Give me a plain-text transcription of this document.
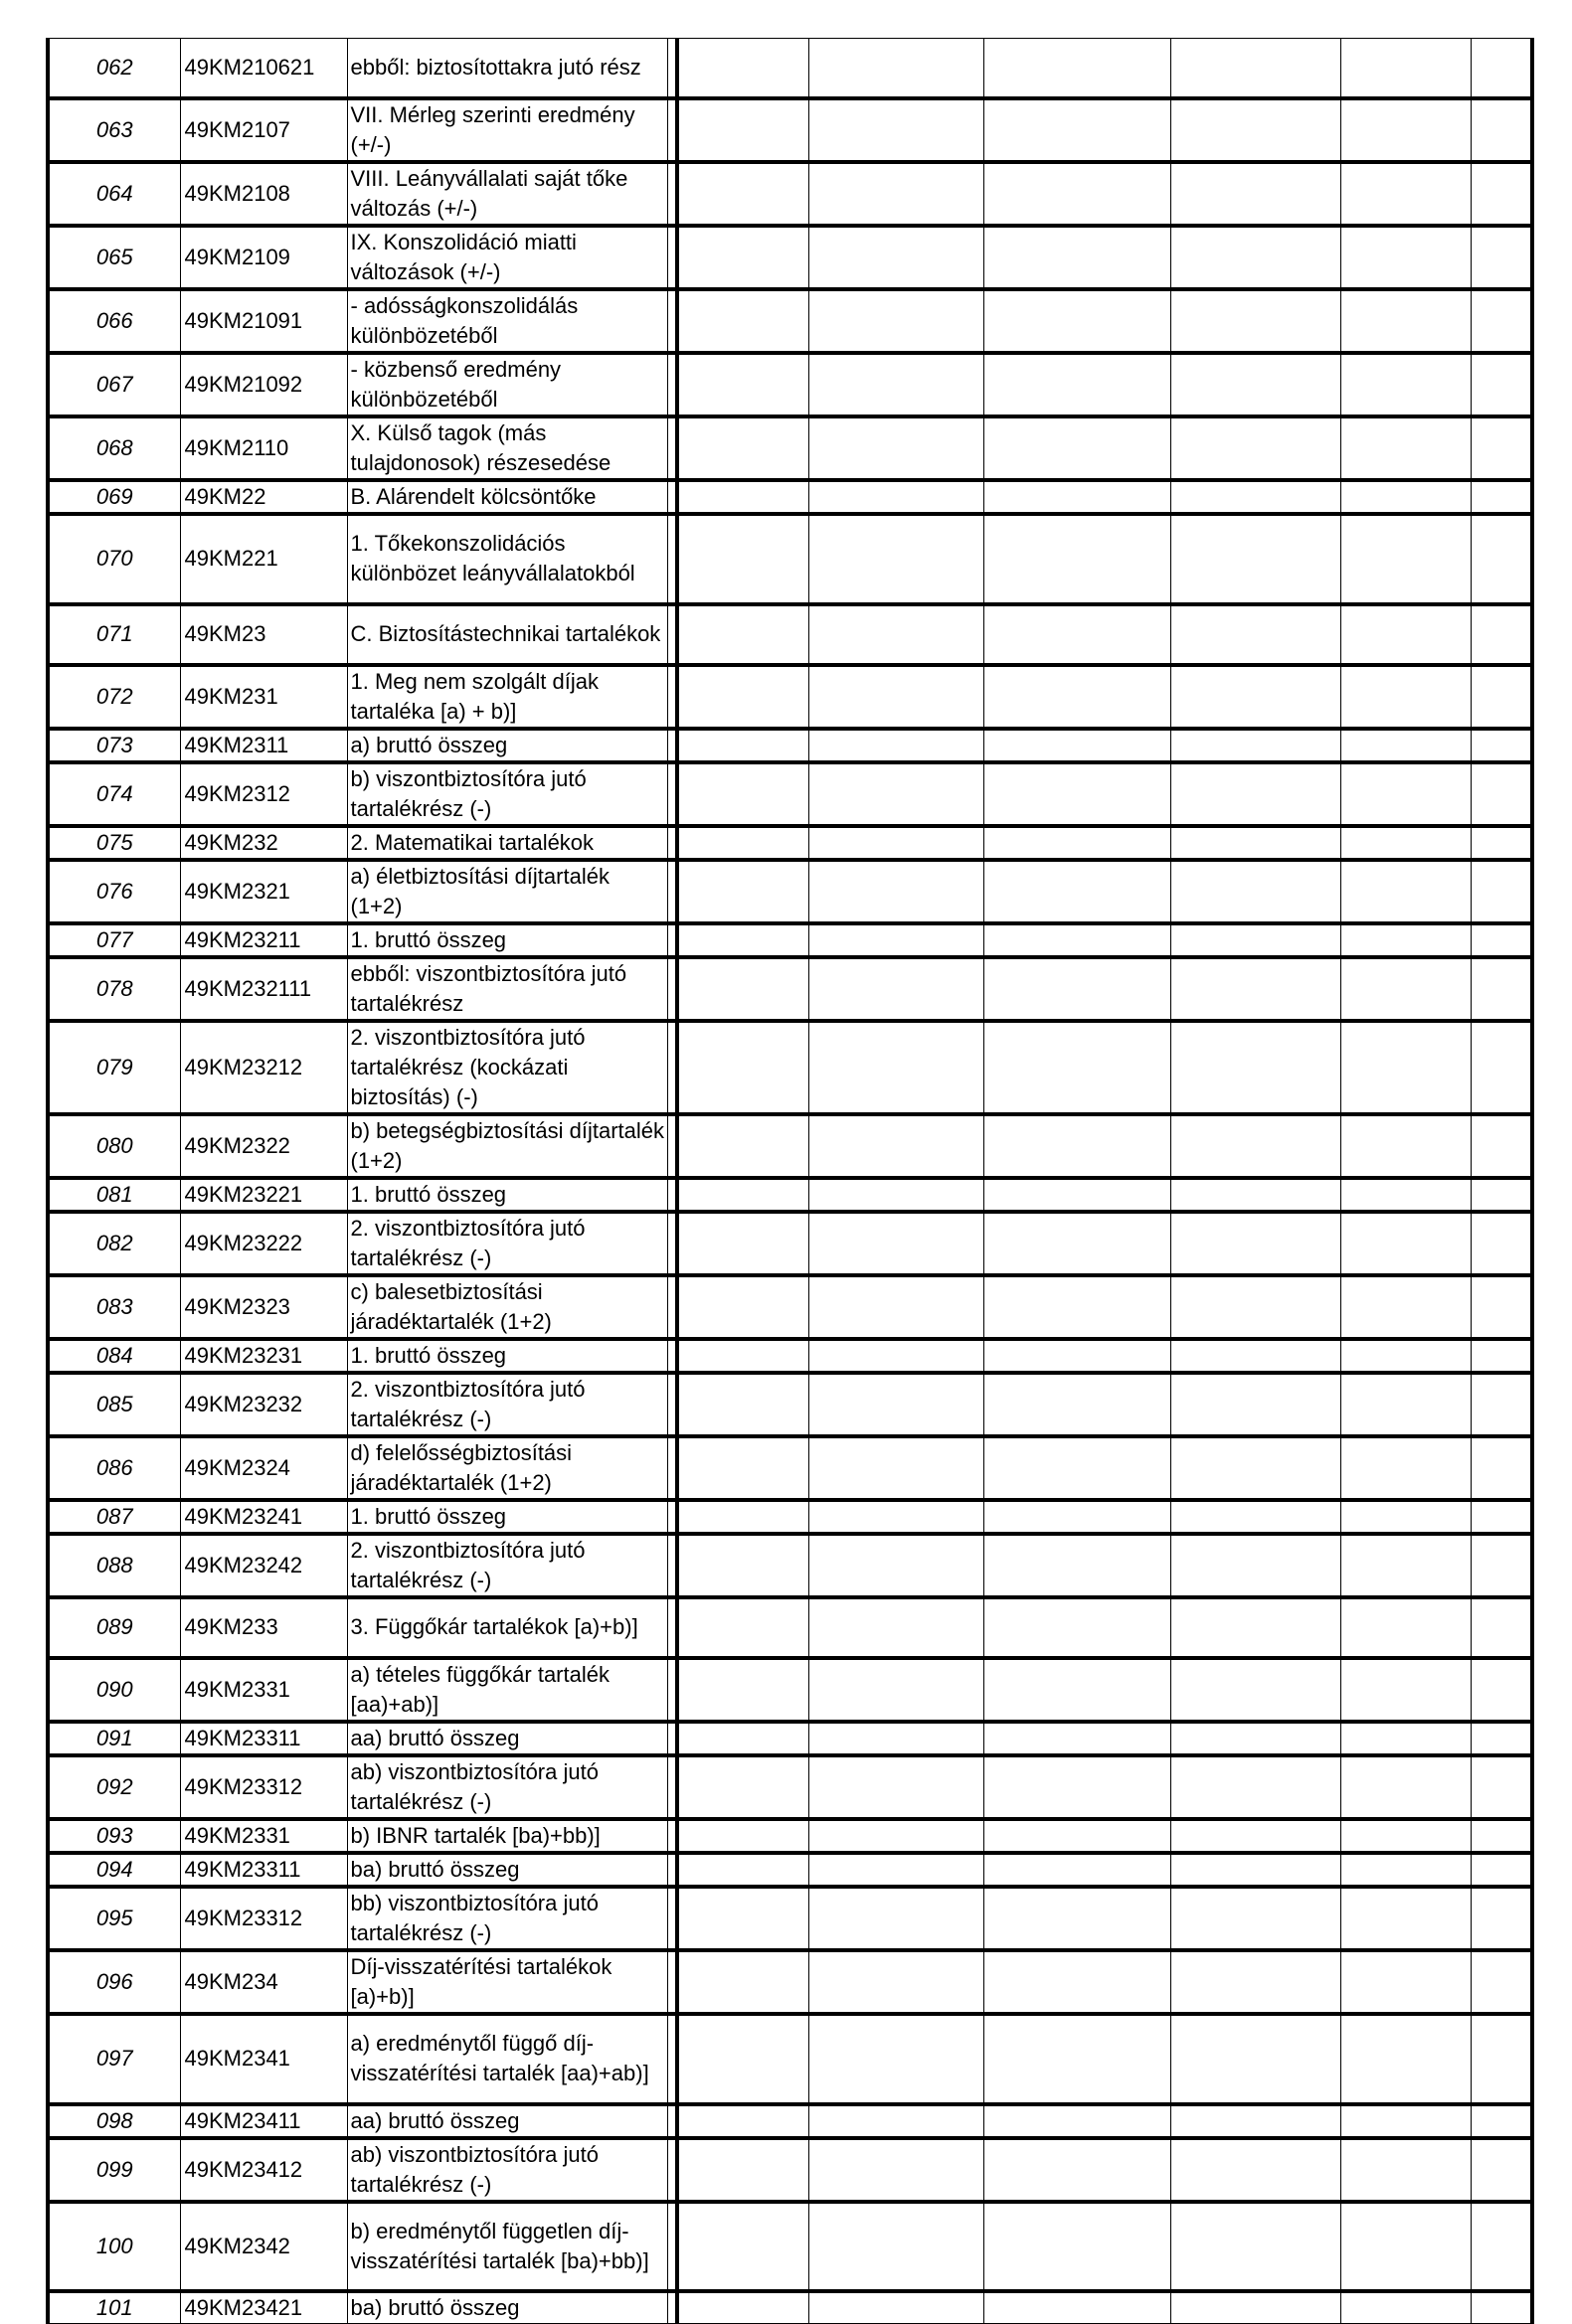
062	49KM210621	ebből: biztosítottakra jutó rész							
063	49KM2107	VII. Mérleg szerinti eredmény (+/-)							
064	49KM2108	VIII. Leányvállalati saját tőke változás (+/-)							
065	49KM2109	IX. Konszolidáció miatti változások (+/-)							
066	49KM21091	- adósságkonszolidálás különbözetéből							
067	49KM21092	- közbenső eredmény különbözetéből							
068	49KM2110	X. Külső tagok (más tulajdonosok) részesedése							
069	49KM22	B. Alárendelt kölcsöntőke							
070	49KM221	1. Tőkekonszolidációs különbözet leányvállalatokból							
071	49KM23	C. Biztosítástechnikai tartalékok							
072	49KM231	1. Meg nem szolgált díjak tartaléka [a) + b)]							
073	49KM2311	a) bruttó összeg							
074	49KM2312	b) viszontbiztosítóra jutó tartalékrész (-)							
075	49KM232	2. Matematikai tartalékok							
076	49KM2321	a) életbiztosítási díjtartalék (1+2)							
077	49KM23211	1. bruttó összeg							
078	49KM232111	ebből: viszontbiztosítóra jutó tartalékrész							
079	49KM23212	2. viszontbiztosítóra jutó tartalékrész (kockázati biztosítás) (-)							
080	49KM2322	b) betegségbiztosítási díjtartalék (1+2)							
081	49KM23221	1. bruttó összeg							
082	49KM23222	2. viszontbiztosítóra jutó tartalékrész (-)							
083	49KM2323	c) balesetbiztosítási járadéktartalék (1+2)							
084	49KM23231	1. bruttó összeg							
085	49KM23232	2. viszontbiztosítóra jutó tartalékrész (-)							
086	49KM2324	d) felelősségbiztosítási járadéktartalék (1+2)							
087	49KM23241	1. bruttó összeg							
088	49KM23242	2. viszontbiztosítóra jutó tartalékrész (-)							
089	49KM233	3. Függőkár tartalékok [a)+b)]							
090	49KM2331	a) tételes függőkár tartalék [aa)+ab)]							
091	49KM23311	aa) bruttó összeg							
092	49KM23312	ab) viszontbiztosítóra jutó tartalékrész (-)							
093	49KM2331	b) IBNR tartalék [ba)+bb)]							
094	49KM23311	ba) bruttó összeg							
095	49KM23312	bb) viszontbiztosítóra jutó tartalékrész (-)							
096	49KM234	Díj-visszatérítési tartalékok [a)+b)]							
097	49KM2341	a) eredménytől függő díj-visszatérítési tartalék [aa)+ab)]							
098	49KM23411	aa) bruttó összeg							
099	49KM23412	ab) viszontbiztosítóra jutó tartalékrész (-)							
100	49KM2342	b) eredménytől független díj-visszatérítési tartalék [ba)+bb)]							
101	49KM23421	ba) bruttó összeg							
